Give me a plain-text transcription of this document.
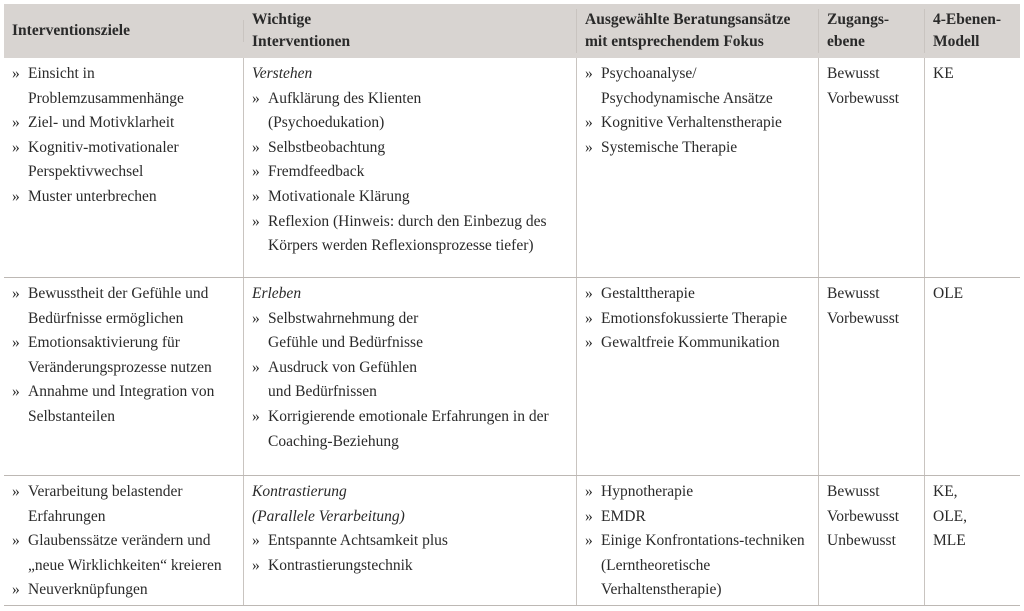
Interventionsziele
Wichtige
Interventionen
Ausgewählte Beratungsansätze
mit entsprechendem Fokus
Zugangs-
ebene
4-Ebenen-
Modell
» Einsicht in Problemzusammenhänge
» Ziel- und Motivklarheit
» Kognitiv-motivationaler Perspektivwechsel
» Muster unterbrechen
Verstehen
» Aufklärung des Klienten (Psychoedukation)
» Selbstbeobachtung
» Fremdfeedback
» Motivationale Klärung
» Reflexion (Hinweis: durch den Einbezug des Körpers werden Reflexionsprozesse tiefer)
» Psychoanalyse/ Psychodynamische Ansätze
» Kognitive Verhaltenstherapie
» Systemische Therapie
Bewusst
Vorbewusst
KE
» Bewusstheit der Gefühle und Bedürfnisse ermöglichen
» Emotionsaktivierung für Veränderungsprozesse nutzen
» Annahme und Integration von Selbstanteilen
Erleben
» Selbstwahrnehmung der Gefühle und Bedürfnisse
» Ausdruck von Gefühlen und Bedürfnissen
» Korrigierende emotionale Erfahrungen in der Coaching-Beziehung
» Gestalttherapie
» Emotionsfokussierte Therapie
» Gewaltfreie Kommunikation
Bewusst
Vorbewusst
OLE
» Verarbeitung belastender Erfahrungen
» Glaubenssätze verändern und „neue Wirklichkeiten“ kreieren
» Neuverknüpfungen
Kontrastierung
(Parallele Verarbeitung)
» Entspannte Achtsamkeit plus
» Kontrastierungstechnik
» Hypnotherapie
» EMDR
» Einige Konfrontations-techniken (Lerntheoretische Verhaltenstherapie)
Bewusst
Vorbewusst
Unbewusst
KE,
OLE,
MLE
